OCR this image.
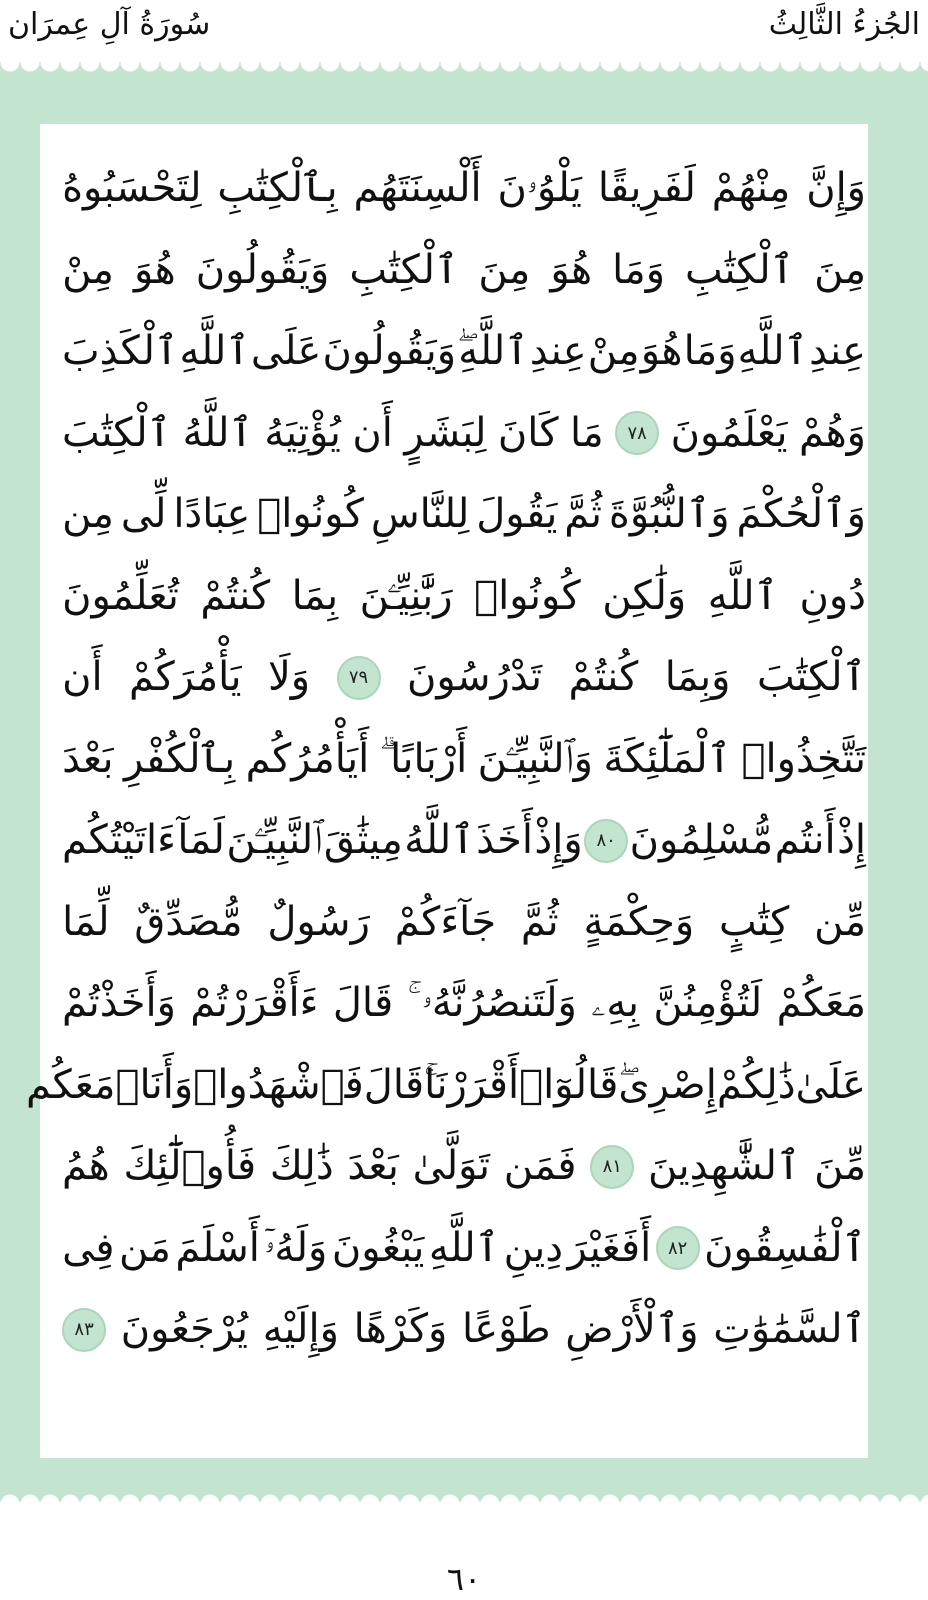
الجُزءُ الثَّالِثُ
سُورَةُ آلِ عِمرَان
وَإِنَّ
مِنْهُمْ
لَفَرِيقًا
يَلْوُۥنَ
أَلْسِنَتَهُم
بِٱلْكِتَٰبِ
لِتَحْسَبُوهُ
مِنَ
ٱلْكِتَٰبِ
وَمَا
هُوَ
مِنَ
ٱلْكِتَٰبِ
وَيَقُولُونَ
هُوَ
مِنْ
عِندِ
ٱللَّهِ
وَمَا
هُوَ
مِنْ
عِندِ
ٱللَّهِ
وَيَقُولُونَ
عَلَى
ٱللَّهِ
ٱلْكَذِبَ
وَهُمْ
يَعْلَمُونَ
٧٨
مَا
كَانَ
لِبَشَرٍ
أَن
يُؤْتِيَهُ
ٱللَّهُ
ٱلْكِتَٰبَ
وَٱلْحُكْمَ
وَٱلنُّبُوَّةَ
ثُمَّ
يَقُولَ
لِلنَّاسِ
كُونُوا۟
عِبَادًا
لِّى
مِن
دُونِ
ٱللَّهِ
وَلَٰكِن
كُونُوا۟
رَبَّٰنِيِّـۧنَ
بِمَا
كُنتُمْ
تُعَلِّمُونَ
ٱلْكِتَٰبَ
وَبِمَا
كُنتُمْ
تَدْرُسُونَ
٧٩
وَلَا
يَأْمُرَكُمْ
أَن
تَتَّخِذُوا۟
ٱلْمَلَٰٓئِكَةَ
وَٱلنَّبِيِّـۧنَ
أَرْبَابًا
أَيَأْمُرُكُم
بِٱلْكُفْرِ
بَعْدَ
إِذْ
أَنتُم
مُّسْلِمُونَ
٨٠
وَإِذْ
أَخَذَ
ٱللَّهُ
مِيثَٰقَ
ٱلنَّبِيِّـۧنَ
لَمَآ
ءَاتَيْتُكُم
مِّن
كِتَٰبٍ
وَحِكْمَةٍ
ثُمَّ
جَآءَكُمْ
رَسُولٌ
مُّصَدِّقٌ
لِّمَا
مَعَكُمْ
لَتُؤْمِنُنَّ
بِهِۦ
وَلَتَنصُرُنَّهُۥ
قَالَ
ءَأَقْرَرْتُمْ
وَأَخَذْتُمْ
عَلَىٰ
ذَٰلِكُمْ
إِصْرِى
قَالُوٓا۟
أَقْرَرْنَا
قَالَ
فَٱشْهَدُوا۟
وَأَنَا۠
مَعَكُم
مِّنَ
ٱلشَّٰهِدِينَ
٨١
فَمَن
تَوَلَّىٰ
بَعْدَ
ذَٰلِكَ
فَأُو۟لَٰٓئِكَ
هُمُ
ٱلْفَٰسِقُونَ
٨٢
أَفَغَيْرَ
دِينِ
ٱللَّهِ
يَبْغُونَ
وَلَهُۥٓ
أَسْلَمَ
مَن
فِى
ٱلسَّمَٰوَٰتِ
وَٱلْأَرْضِ
طَوْعًا
وَكَرْهًا
وَإِلَيْهِ
يُرْجَعُونَ
٨٣
٦٠
